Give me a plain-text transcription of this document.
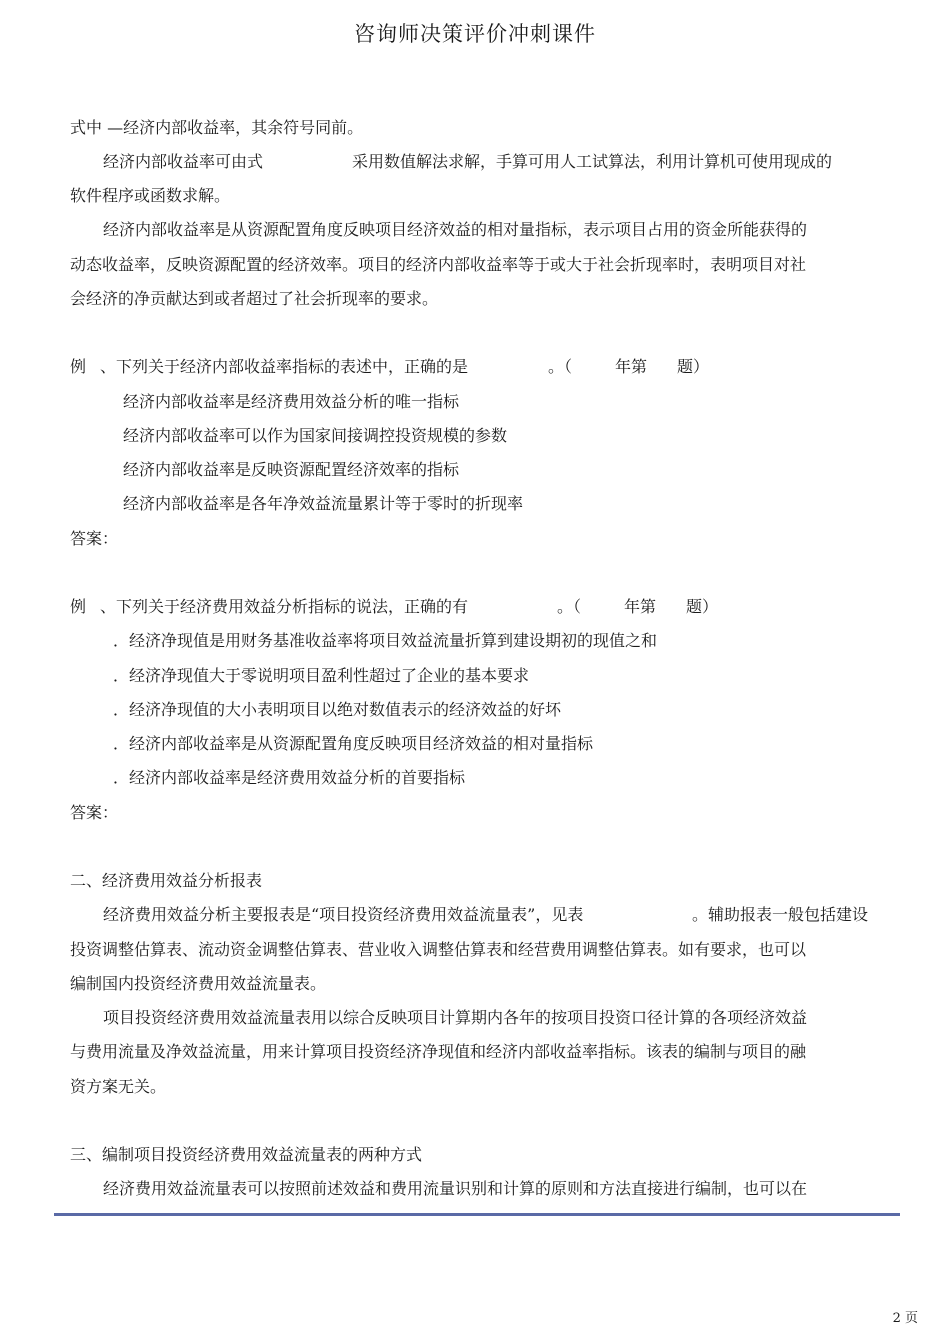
咨询师决策评价冲刺课件
式中 —经济内部收益率，其余符号同前。
经济内部收益率可由式	采用数值解法求解，手算可用人工试算法，利用计算机可使用现成的
软件程序或函数求解。
经济内部收益率是从资源配置角度反映项目经济效益的相对量指标，表示项目占用的资金所能获得的
动态收益率，反映资源配置的经济效率。项目的经济内部收益率等于或大于社会折现率时，表明项目对社
会经济的净贡献达到或者超过了社会折现率的要求。
例 、下列关于经济内部收益率指标的表述中，正确的是	。（	年第 题）
经济内部收益率是经济费用效益分析的唯一指标
经济内部收益率可以作为国家间接调控投资规模的参数
经济内部收益率是反映资源配置经济效率的指标
经济内部收益率是各年净效益流量累计等于零时的折现率
答案：
例 、下列关于经济费用效益分析指标的说法，正确的有	。（	年第 题）
．经济净现值是用财务基准收益率将项目效益流量折算到建设期初的现值之和
．经济净现值大于零说明项目盈利性超过了企业的基本要求
．经济净现值的大小表明项目以绝对数值表示的经济效益的好坏
．经济内部收益率是从资源配置角度反映项目经济效益的相对量指标
．经济内部收益率是经济费用效益分析的首要指标
答案：
二、经济费用效益分析报表
经济费用效益分析主要报表是“项目投资经济费用效益流量表”，见表	。辅助报表一般包括建设
投资调整估算表、流动资金调整估算表、营业收入调整估算表和经营费用调整估算表。如有要求，也可以
编制国内投资经济费用效益流量表。
项目投资经济费用效益流量表用以综合反映项目计算期内各年的按项目投资口径计算的各项经济效益
与费用流量及净效益流量，用来计算项目投资经济净现值和经济内部收益率指标。该表的编制与项目的融
资方案无关。
三、编制项目投资经济费用效益流量表的两种方式
经济费用效益流量表可以按照前述效益和费用流量识别和计算的原则和方法直接进行编制，也可以在
2 页
